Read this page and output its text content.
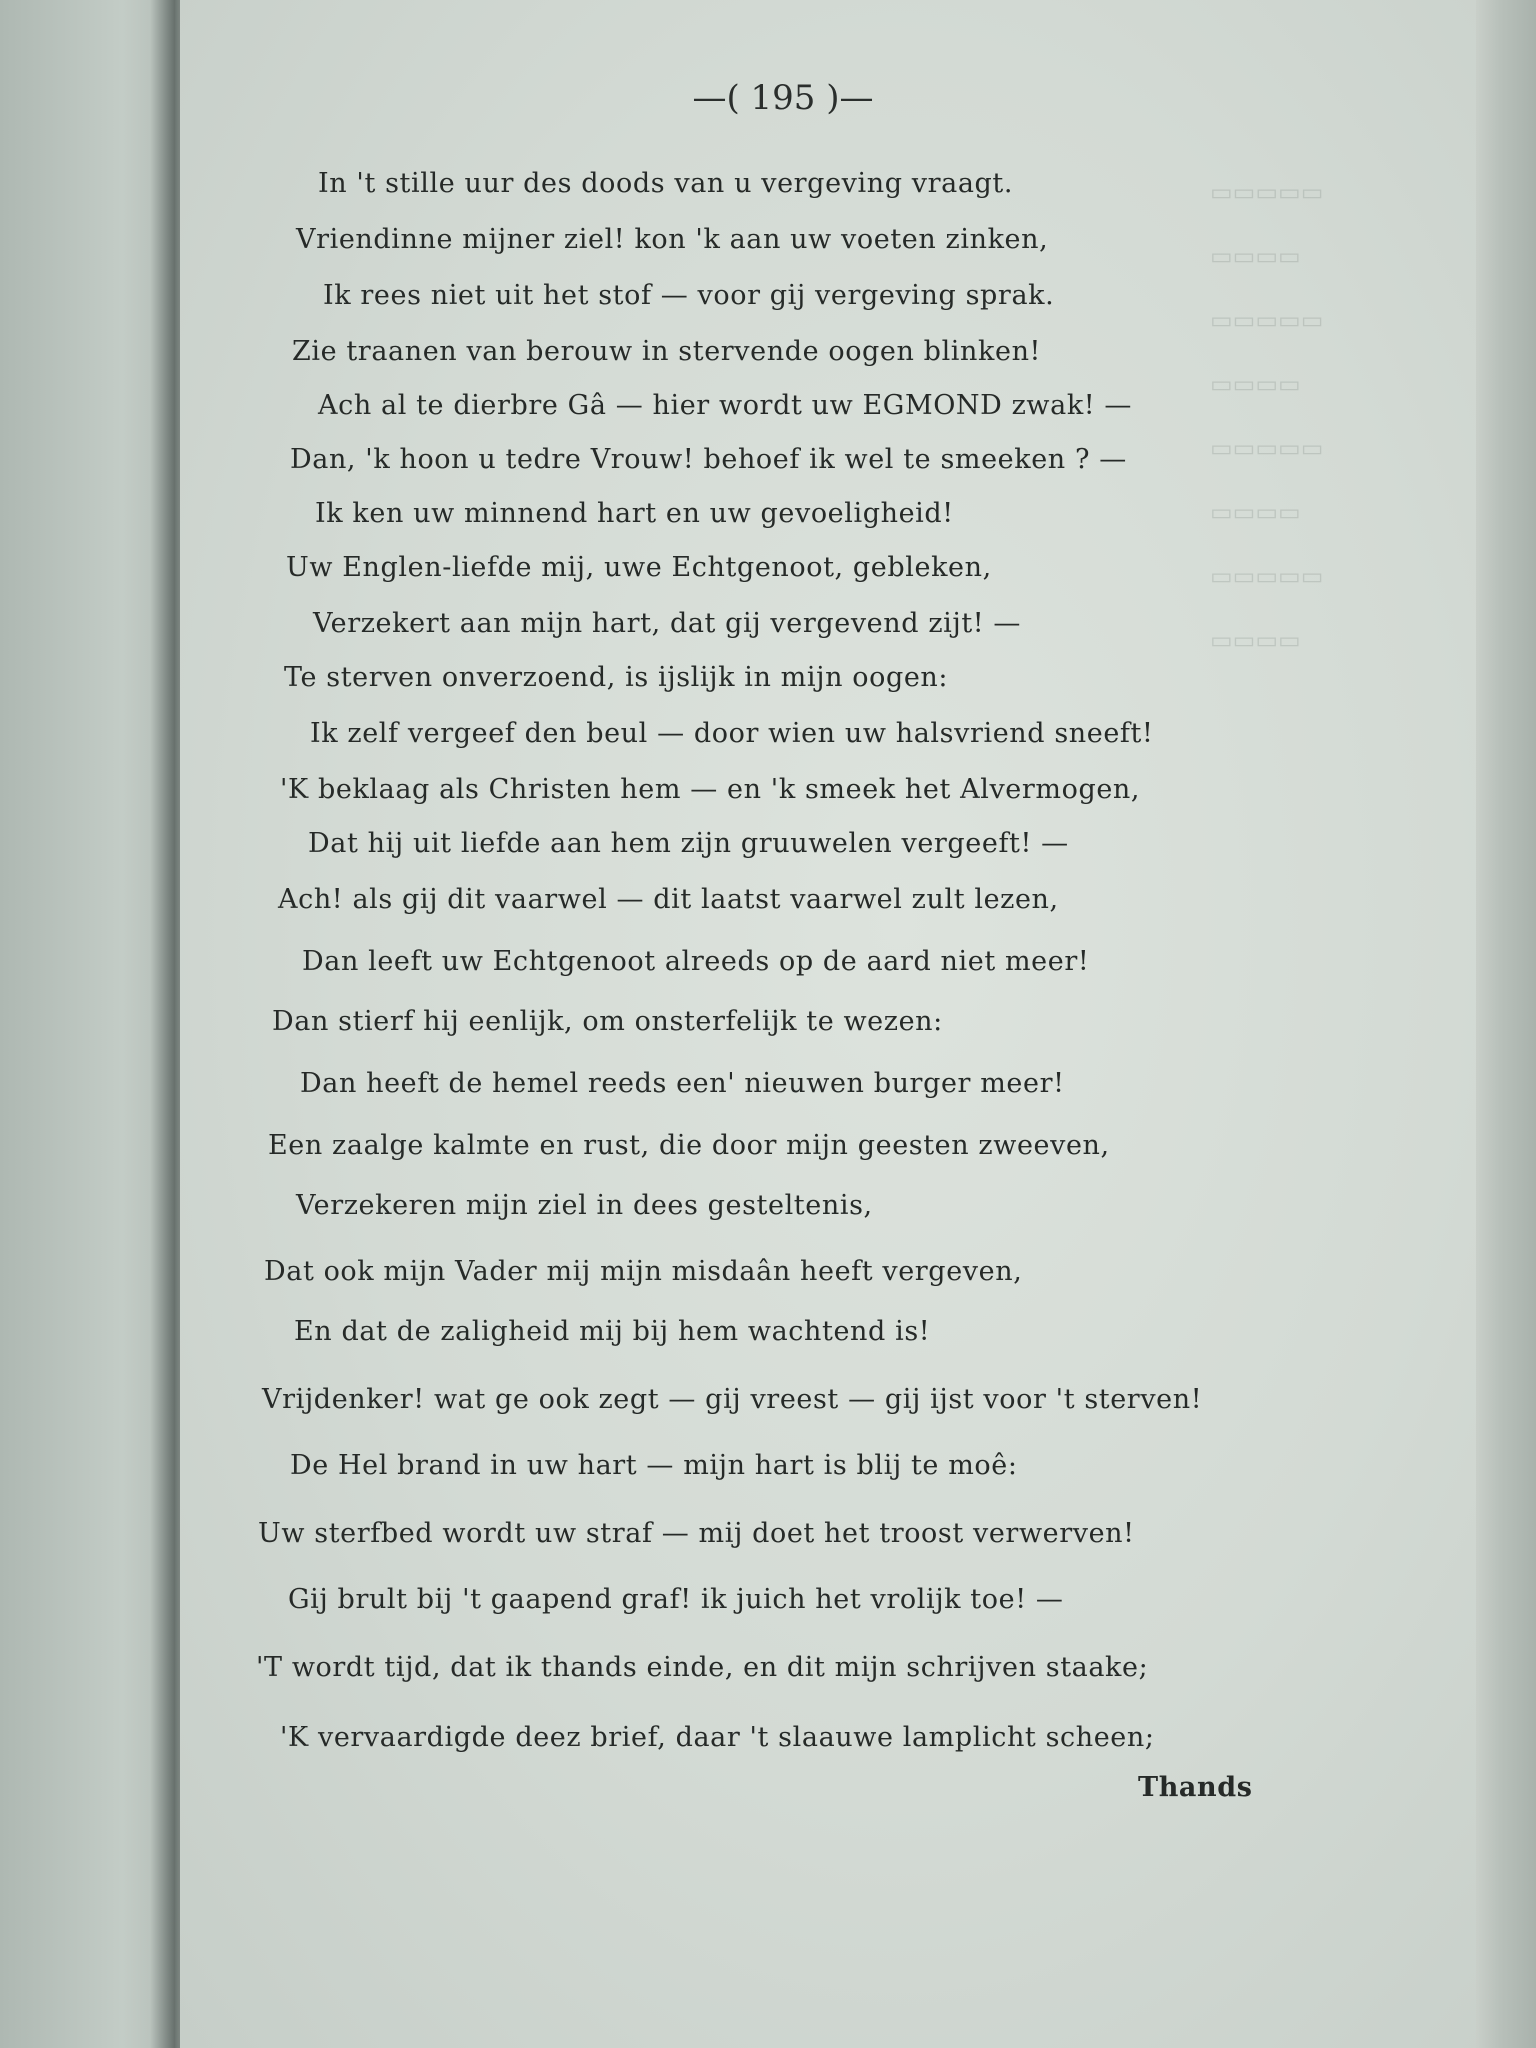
▭▭▭▭▭
▭▭▭▭
▭▭▭▭▭
▭▭▭▭
▭▭▭▭▭
▭▭▭▭
▭▭▭▭▭
▭▭▭▭
—( 195 )—
In 't stille uur des doods van u vergeving vraagt.
Vriendinne mijner ziel! kon 'k aan uw voeten zinken,
Ik rees niet uit het stof — voor gij vergeving sprak.
Zie traanen van berouw in stervende oogen blinken!
Ach al te dierbre Gâ — hier wordt uw EGMOND zwak! —
Dan, 'k hoon u tedre Vrouw! behoef ik wel te smeeken ? —
Ik ken uw minnend hart en uw gevoeligheid!
Uw Englen-liefde mij, uwe Echtgenoot, gebleken,
Verzekert aan mijn hart, dat gij vergevend zijt! —
Te sterven onverzoend, is ijslijk in mijn oogen:
Ik zelf vergeef den beul — door wien uw halsvriend sneeft!
'K beklaag als Christen hem — en 'k smeek het Alvermogen,
Dat hij uit liefde aan hem zijn gruuwelen vergeeft! —
Ach! als gij dit vaarwel — dit laatst vaarwel zult lezen,
Dan leeft uw Echtgenoot alreeds op de aard niet meer!
Dan stierf hij eenlijk, om onsterfelijk te wezen:
Dan heeft de hemel reeds een' nieuwen burger meer!
Een zaalge kalmte en rust, die door mijn geesten zweeven,
Verzekeren mijn ziel in dees gesteltenis,
Dat ook mijn Vader mij mijn misdaân heeft vergeven,
En dat de zaligheid mij bij hem wachtend is!
Vrijdenker! wat ge ook zegt — gij vreest — gij ijst voor 't sterven!
De Hel brand in uw hart — mijn hart is blij te moê:
Uw sterfbed wordt uw straf — mij doet het troost verwerven!
Gij brult bij 't gaapend graf! ik juich het vrolijk toe! —
'T wordt tijd, dat ik thands einde, en dit mijn schrijven staake;
'K vervaardigde deez brief, daar 't slaauwe lamplicht scheen;
Thands
